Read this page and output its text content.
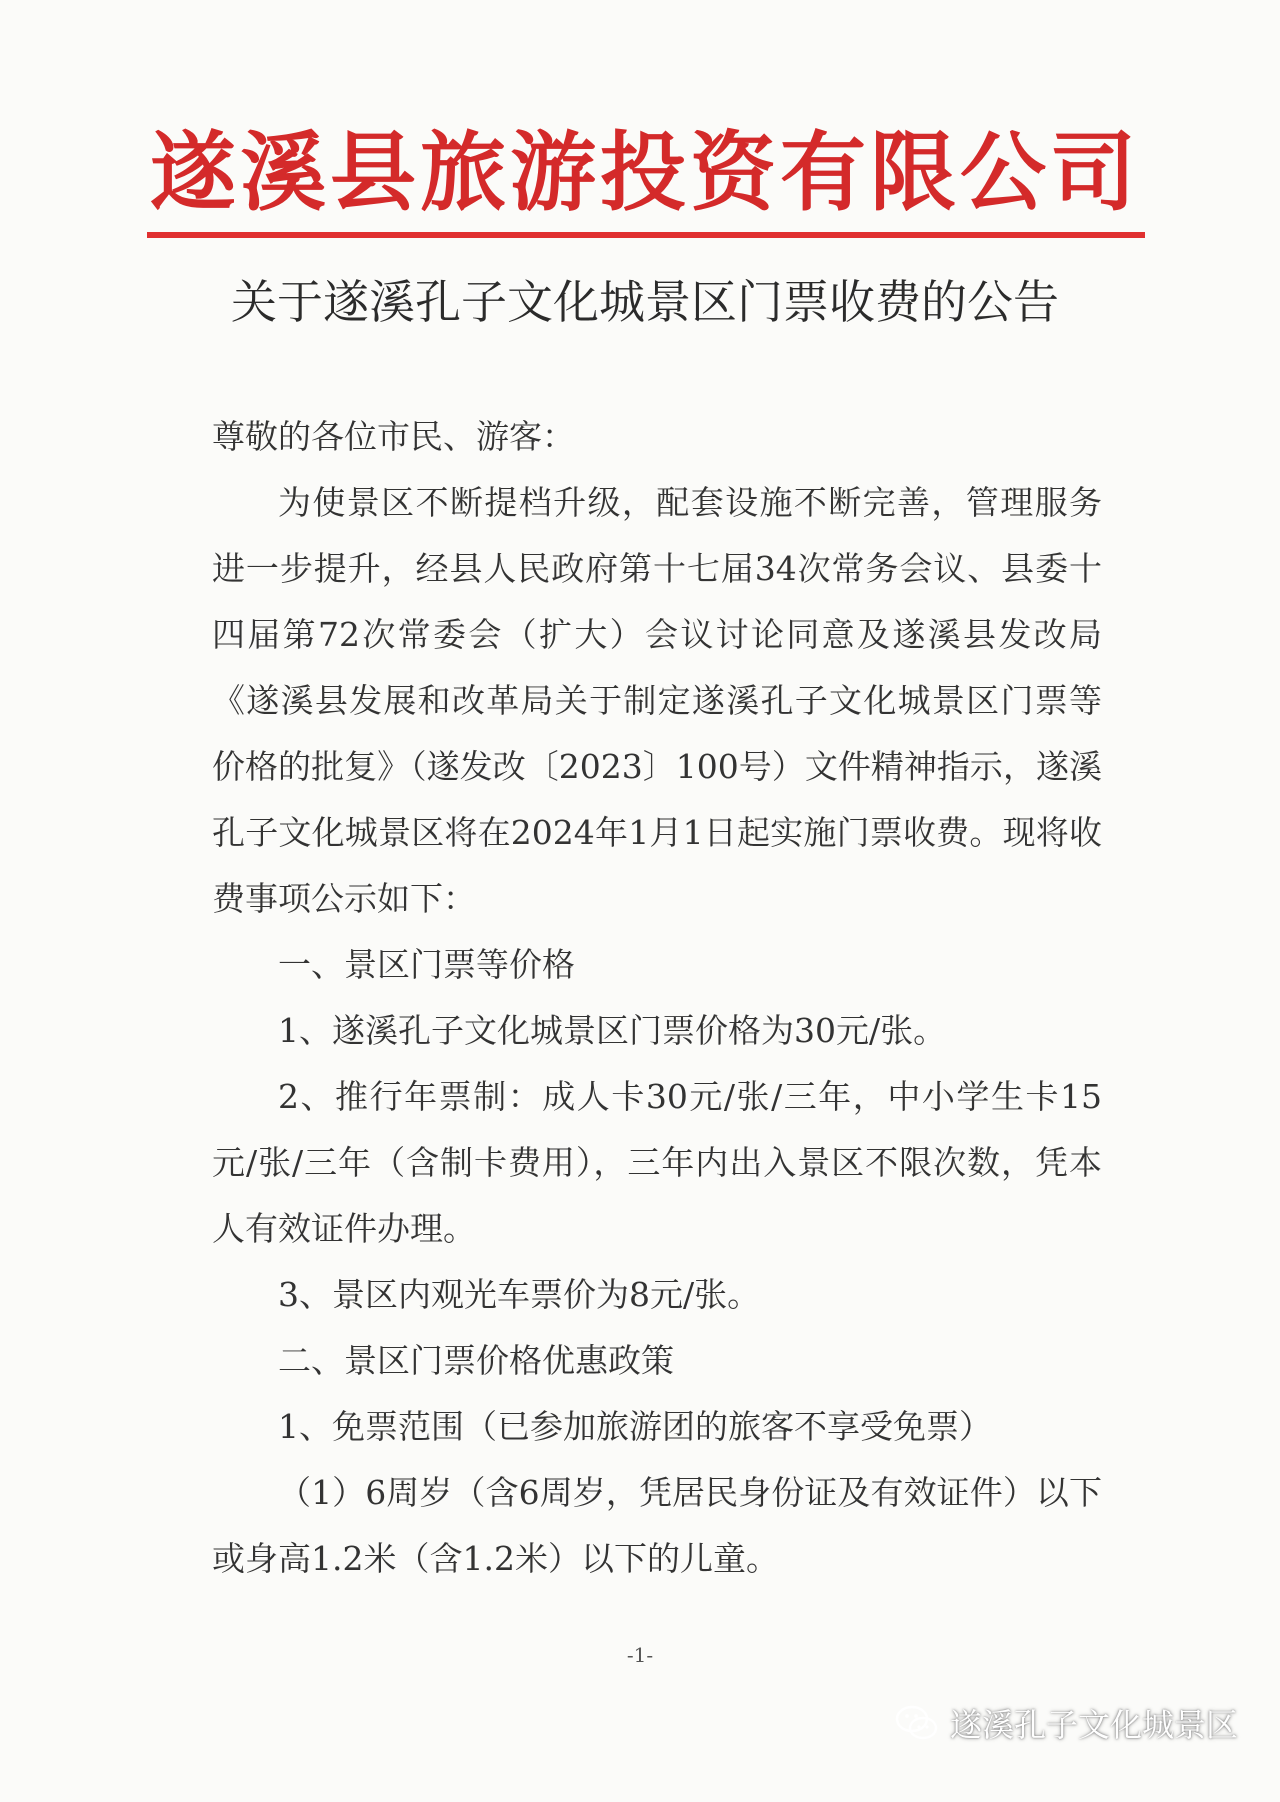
遂溪县旅游投资有限公司
关于遂溪孔子文化城景区门票收费的公告

尊敬的各位市民、游客：

为使景区不断提档升级，配套设施不断完善，管理服务进一步提升，经县人民政府第十七届34次常务会议、县委十四届第72次常委会（扩大）会议讨论同意及遂溪县发改局《遂溪县发展和改革局关于制定遂溪孔子文化城景区门票等价格的批复》（遂发改〔2023〕100号）文件精神指示，遂溪孔子文化城景区将在2024年1月1日起实施门票收费。现将收费事项公示如下：

一、景区门票等价格

1、遂溪孔子文化城景区门票价格为30元/张。

2、推行年票制：成人卡30元/张/三年，中小学生卡15元/张/三年（含制卡费用），三年内出入景区不限次数，凭本人有效证件办理。

3、景区内观光车票价为8元/张。

二、景区门票价格优惠政策

1、免票范围（已参加旅游团的旅客不享受免票）

（1）6周岁（含6周岁，凭居民身份证及有效证件）以下或身高1.2米（含1.2米）以下的儿童。

-1-
遂溪孔子文化城景区
